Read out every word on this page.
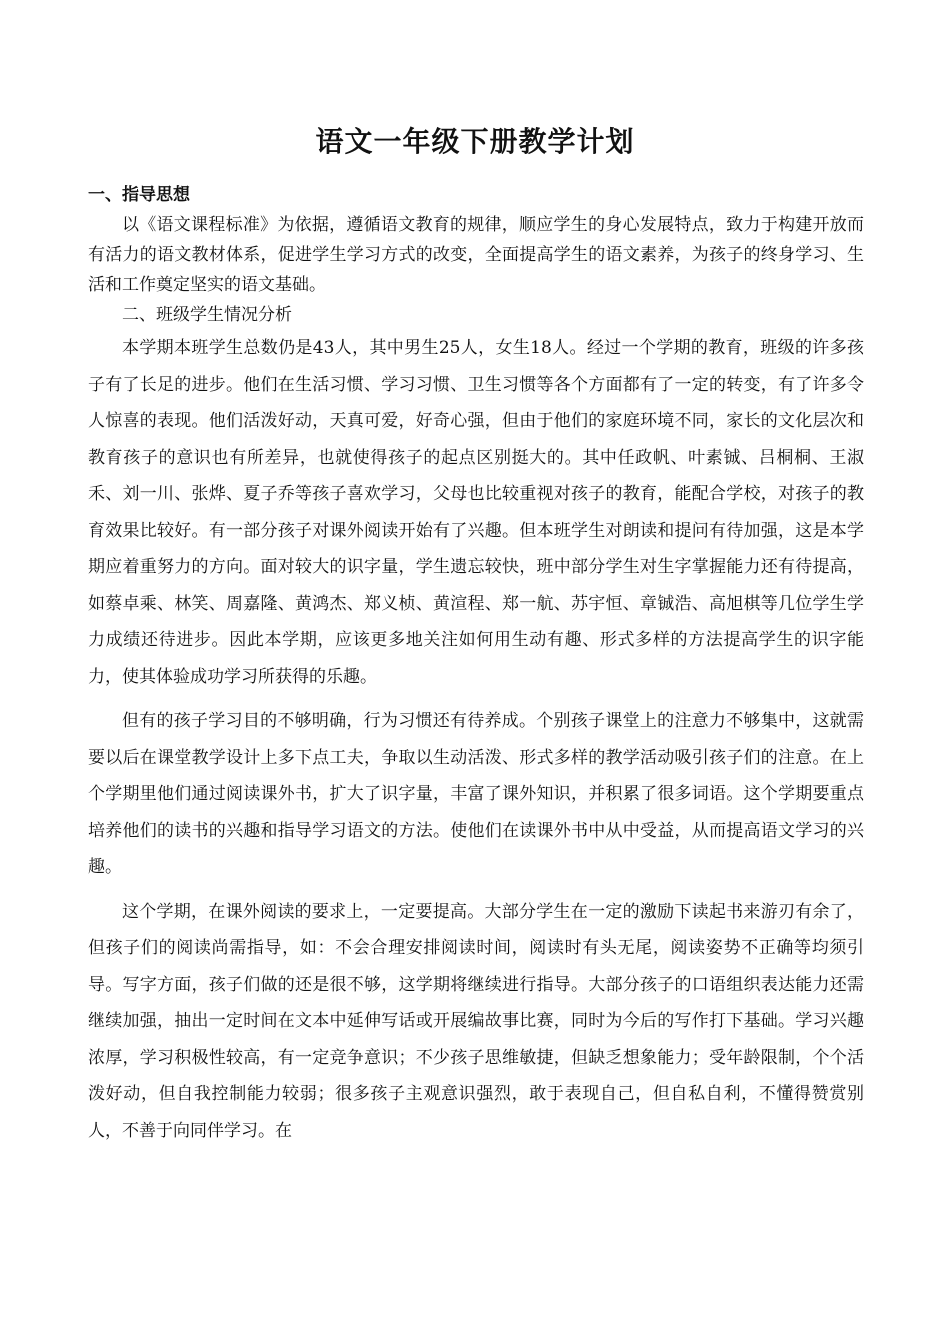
语文一年级下册教学计划

一、指导思想

以《语文课程标准》为依据，遵循语文教育的规律，顺应学生的身心发展特点，致力于构建开放而有活力的语文教材体系，促进学生学习方式的改变，全面提高学生的语文素养，为孩子的终身学习、生活和工作奠定坚实的语文基础。

二、班级学生情况分析

本学期本班学生总数仍是43人，其中男生25人，女生18人。经过一个学期的教育，班级的许多孩子有了长足的进步。他们在生活习惯、学习习惯、卫生习惯等各个方面都有了一定的转变，有了许多令人惊喜的表现。他们活泼好动，天真可爱，好奇心强，但由于他们的家庭环境不同，家长的文化层次和教育孩子的意识也有所差异，也就使得孩子的起点区别挺大的。其中任政帆、叶素铖、吕桐桐、王淑禾、刘一川、张烨、夏子乔等孩子喜欢学习，父母也比较重视对孩子的教育，能配合学校，对孩子的教育效果比较好。有一部分孩子对课外阅读开始有了兴趣。但本班学生对朗读和提问有待加强，这是本学期应着重努力的方向。面对较大的识字量，学生遗忘较快，班中部分学生对生字掌握能力还有待提高，如蔡卓乘、林笑、周嘉隆、黄鸿杰、郑义桢、黄渲程、郑一航、苏宇恒、章铖浩、高旭棋等几位学生学力成绩还待进步。因此本学期，应该更多地关注如何用生动有趣、形式多样的方法提高学生的识字能力，使其体验成功学习所获得的乐趣。

但有的孩子学习目的不够明确，行为习惯还有待养成。个别孩子课堂上的注意力不够集中，这就需要以后在课堂教学设计上多下点工夫，争取以生动活泼、形式多样的教学活动吸引孩子们的注意。在上个学期里他们通过阅读课外书，扩大了识字量，丰富了课外知识，并积累了很多词语。这个学期要重点培养他们的读书的兴趣和指导学习语文的方法。使他们在读课外书中从中受益，从而提高语文学习的兴趣。

这个学期，在课外阅读的要求上，一定要提高。大部分学生在一定的激励下读起书来游刃有余了，但孩子们的阅读尚需指导，如：不会合理安排阅读时间，阅读时有头无尾，阅读姿势不正确等均须引导。写字方面，孩子们做的还是很不够，这学期将继续进行指导。大部分孩子的口语组织表达能力还需继续加强，抽出一定时间在文本中延伸写话或开展编故事比赛，同时为今后的写作打下基础。学习兴趣浓厚，学习积极性较高，有一定竞争意识；不少孩子思维敏捷，但缺乏想象能力；受年龄限制，个个活泼好动，但自我控制能力较弱；很多孩子主观意识强烈，敢于表现自己，但自私自利，不懂得赞赏别人，不善于向同伴学习。在
